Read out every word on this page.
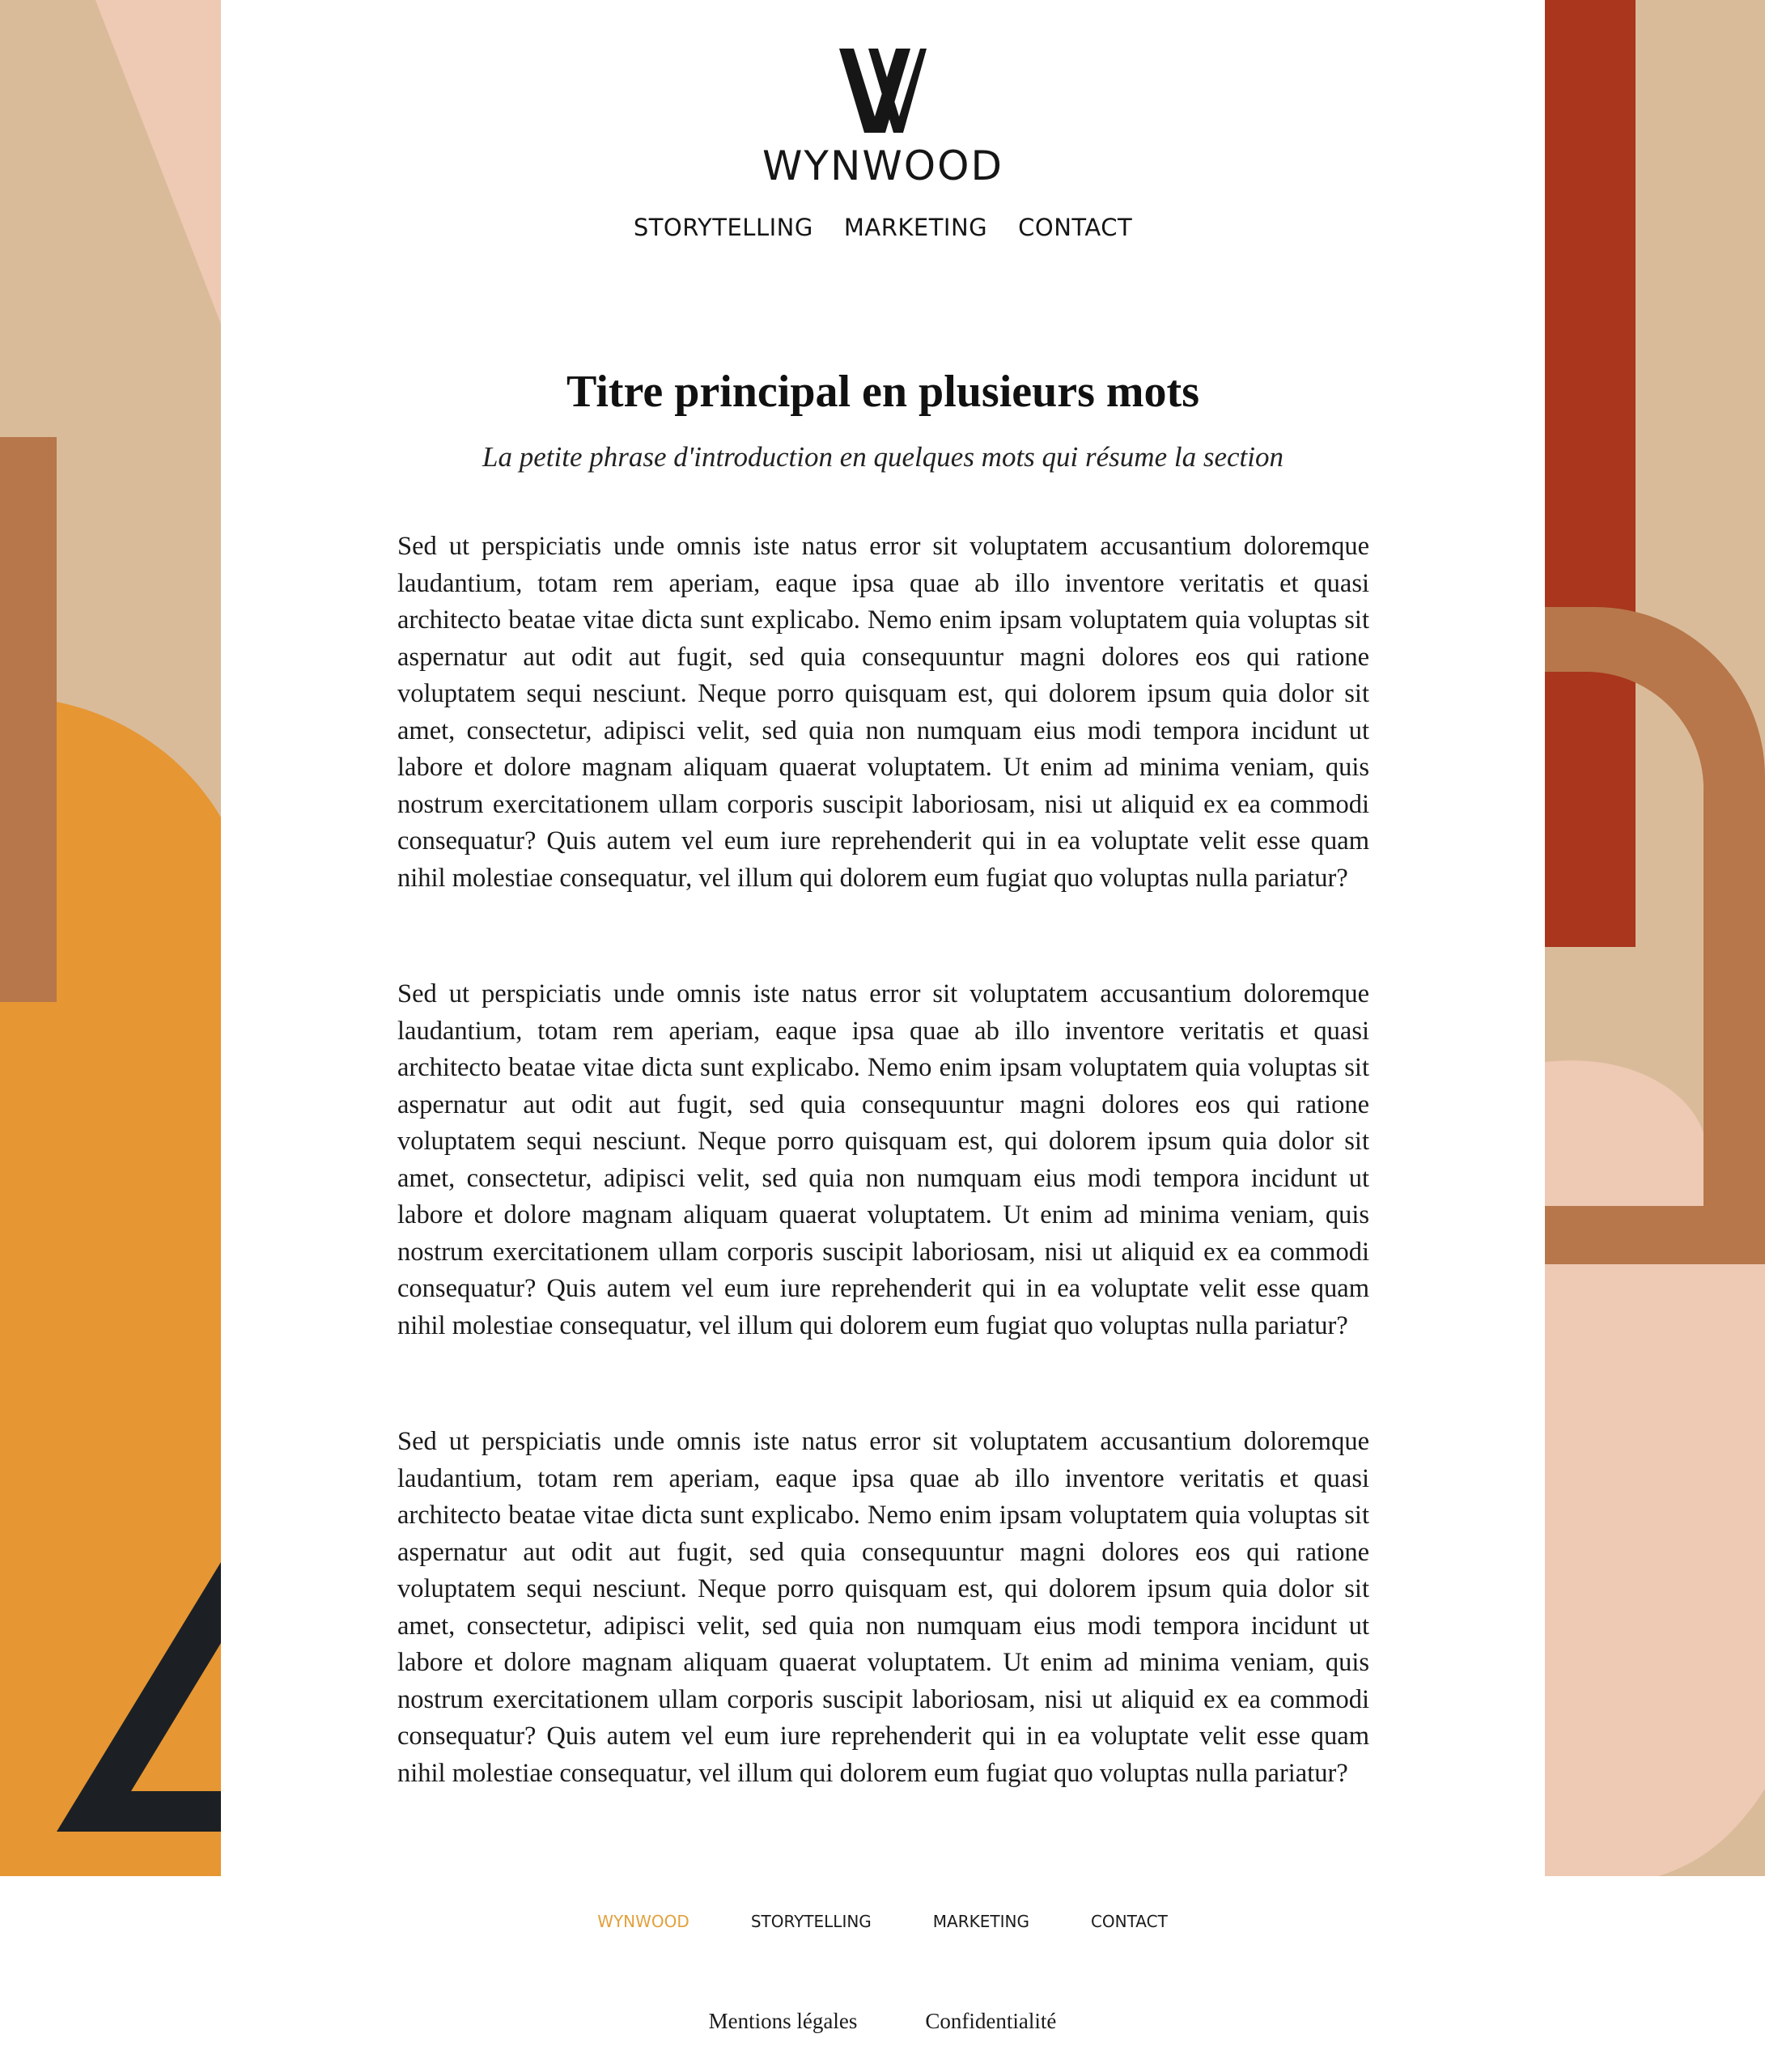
WYNWOOD
STORYTELLING MARKETING CONTACT
Titre principal en plusieurs mots

La petite phrase d'introduction en quelques mots qui résume la section

Sed ut perspiciatis unde omnis iste natus error sit voluptatem accusantium doloremque laudantium, totam rem aperiam, eaque ipsa quae ab illo inventore veritatis et quasi architecto beatae vitae dicta sunt explicabo. Nemo enim ipsam voluptatem quia voluptas sit aspernatur aut odit aut fugit, sed quia consequuntur magni dolores eos qui ratione voluptatem sequi nesciunt. Neque porro quisquam est, qui dolorem ipsum quia dolor sit amet, consectetur, adipisci velit, sed quia non numquam eius modi tempora incidunt ut labore et dolore magnam aliquam quaerat voluptatem. Ut enim ad minima veniam, quis nostrum exercitationem ullam corporis suscipit laboriosam, nisi ut aliquid ex ea commodi consequatur? Quis autem vel eum iure reprehenderit qui in ea voluptate velit esse quam nihil molestiae consequatur, vel illum qui dolorem eum fugiat quo voluptas nulla pariatur?

Sed ut perspiciatis unde omnis iste natus error sit voluptatem accusantium doloremque laudantium, totam rem aperiam, eaque ipsa quae ab illo inventore veritatis et quasi architecto beatae vitae dicta sunt explicabo. Nemo enim ipsam voluptatem quia voluptas sit aspernatur aut odit aut fugit, sed quia consequuntur magni dolores eos qui ratione voluptatem sequi nesciunt. Neque porro quisquam est, qui dolorem ipsum quia dolor sit amet, consectetur, adipisci velit, sed quia non numquam eius modi tempora incidunt ut labore et dolore magnam aliquam quaerat voluptatem. Ut enim ad minima veniam, quis nostrum exercitationem ullam corporis suscipit laboriosam, nisi ut aliquid ex ea commodi consequatur? Quis autem vel eum iure reprehenderit qui in ea voluptate velit esse quam nihil molestiae consequatur, vel illum qui dolorem eum fugiat quo voluptas nulla pariatur?

Sed ut perspiciatis unde omnis iste natus error sit voluptatem accusantium doloremque laudantium, totam rem aperiam, eaque ipsa quae ab illo inventore veritatis et quasi architecto beatae vitae dicta sunt explicabo. Nemo enim ipsam voluptatem quia voluptas sit aspernatur aut odit aut fugit, sed quia consequuntur magni dolores eos qui ratione voluptatem sequi nesciunt. Neque porro quisquam est, qui dolorem ipsum quia dolor sit amet, consectetur, adipisci velit, sed quia non numquam eius modi tempora incidunt ut labore et dolore magnam aliquam quaerat voluptatem. Ut enim ad minima veniam, quis nostrum exercitationem ullam corporis suscipit laboriosam, nisi ut aliquid ex ea commodi consequatur? Quis autem vel eum iure reprehenderit qui in ea voluptate velit esse quam nihil molestiae consequatur, vel illum qui dolorem eum fugiat quo voluptas nulla pariatur?

WYNWOOD	STORYTELLING	MARKETING	CONTACT
Mentions légales	Confidentialité
